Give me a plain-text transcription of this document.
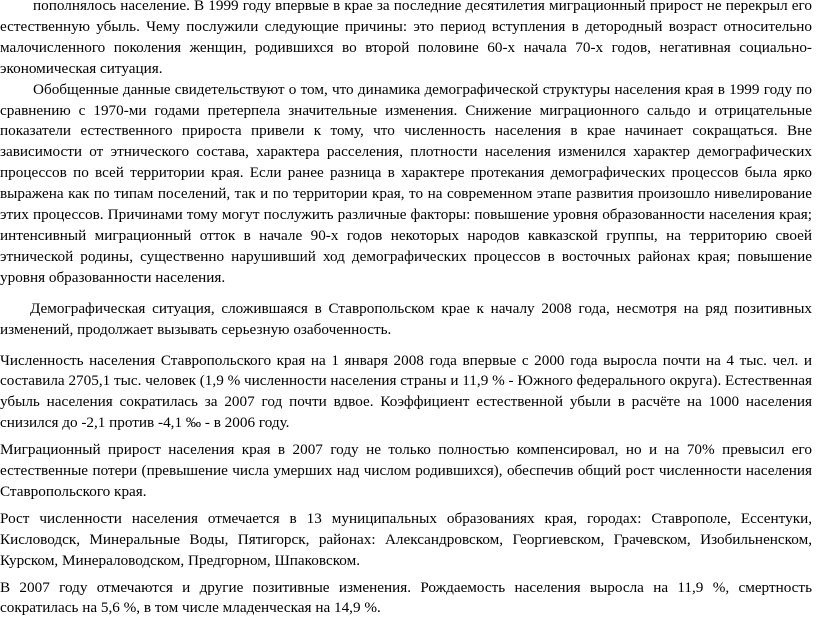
пополнялось население. В 1999 году впервые в крае за последние десятилетия миграционный прирост не перекрыл его естественную убыль. Чему послужили следующие причины: это период вступления в детородный возраст относительно малочисленного поколения женщин, родившихся во второй половине 60-х начала 70-х годов, негативная социально-экономическая ситуация.

Обобщенные данные свидетельствуют о том, что динамика демографической структуры населения края в 1999 году по сравнению с 1970-ми годами претерпела значительные изменения. Снижение миграционного сальдо и отрицательные показатели естественного прироста привели к тому, что численность населения в крае начинает сокращаться. Вне зависимости от этнического состава, характера расселения, плотности населения изменился характер демографических процессов по всей территории края. Если ранее разница в характере протекания демографических процессов была ярко выражена как по типам поселений, так и по территории края, то на современном этапе развития произошло нивелирование этих процессов. Причинами тому могут послужить различные факторы: повышение уровня образованности населения края; интенсивный миграционный отток в начале 90-х годов некоторых народов кавказской группы, на территорию своей этнической родины, существенно нарушивший ход демографических процессов в восточных районах края; повышение уровня образованности населения.

Демографическая ситуация, сложившаяся в Ставропольском крае к началу 2008 года, несмотря на ряд позитивных изменений, продолжает вызывать серьезную озабоченность.

Численность населения Ставропольского края на 1 января 2008 года впервые с 2000 года выросла почти на 4 тыс. чел. и составила 2705,1 тыс. человек (1,9 % численности населения страны и 11,9 % - Южного федерального округа). Естественная убыль населения сократилась за 2007 год почти вдвое. Коэффициент естественной убыли в расчёте на 1000 населения снизился до -2,1 против -4,1 ‰ - в 2006 году.

Миграционный прирост населения края в 2007 году не только полностью компенсировал, но и на 70% превысил его естественные потери (превышение числа умерших над числом родившихся), обеспечив общий рост численности населения Ставропольского края.

Рост численности населения отмечается в 13 муниципальных образованиях края, городах: Ставрополе, Ессентуки, Кисловодск, Минеральные Воды, Пятигорск, районах: Александровском, Георгиевском, Грачевском, Изобильненском, Курском, Минераловодском, Предгорном, Шпаковском.

В 2007 году отмечаются и другие позитивные изменения. Рождаемость населения выросла на 11,9 %, смертность сократилась на 5,6 %, в том числе младенческая на 14,9 %.
